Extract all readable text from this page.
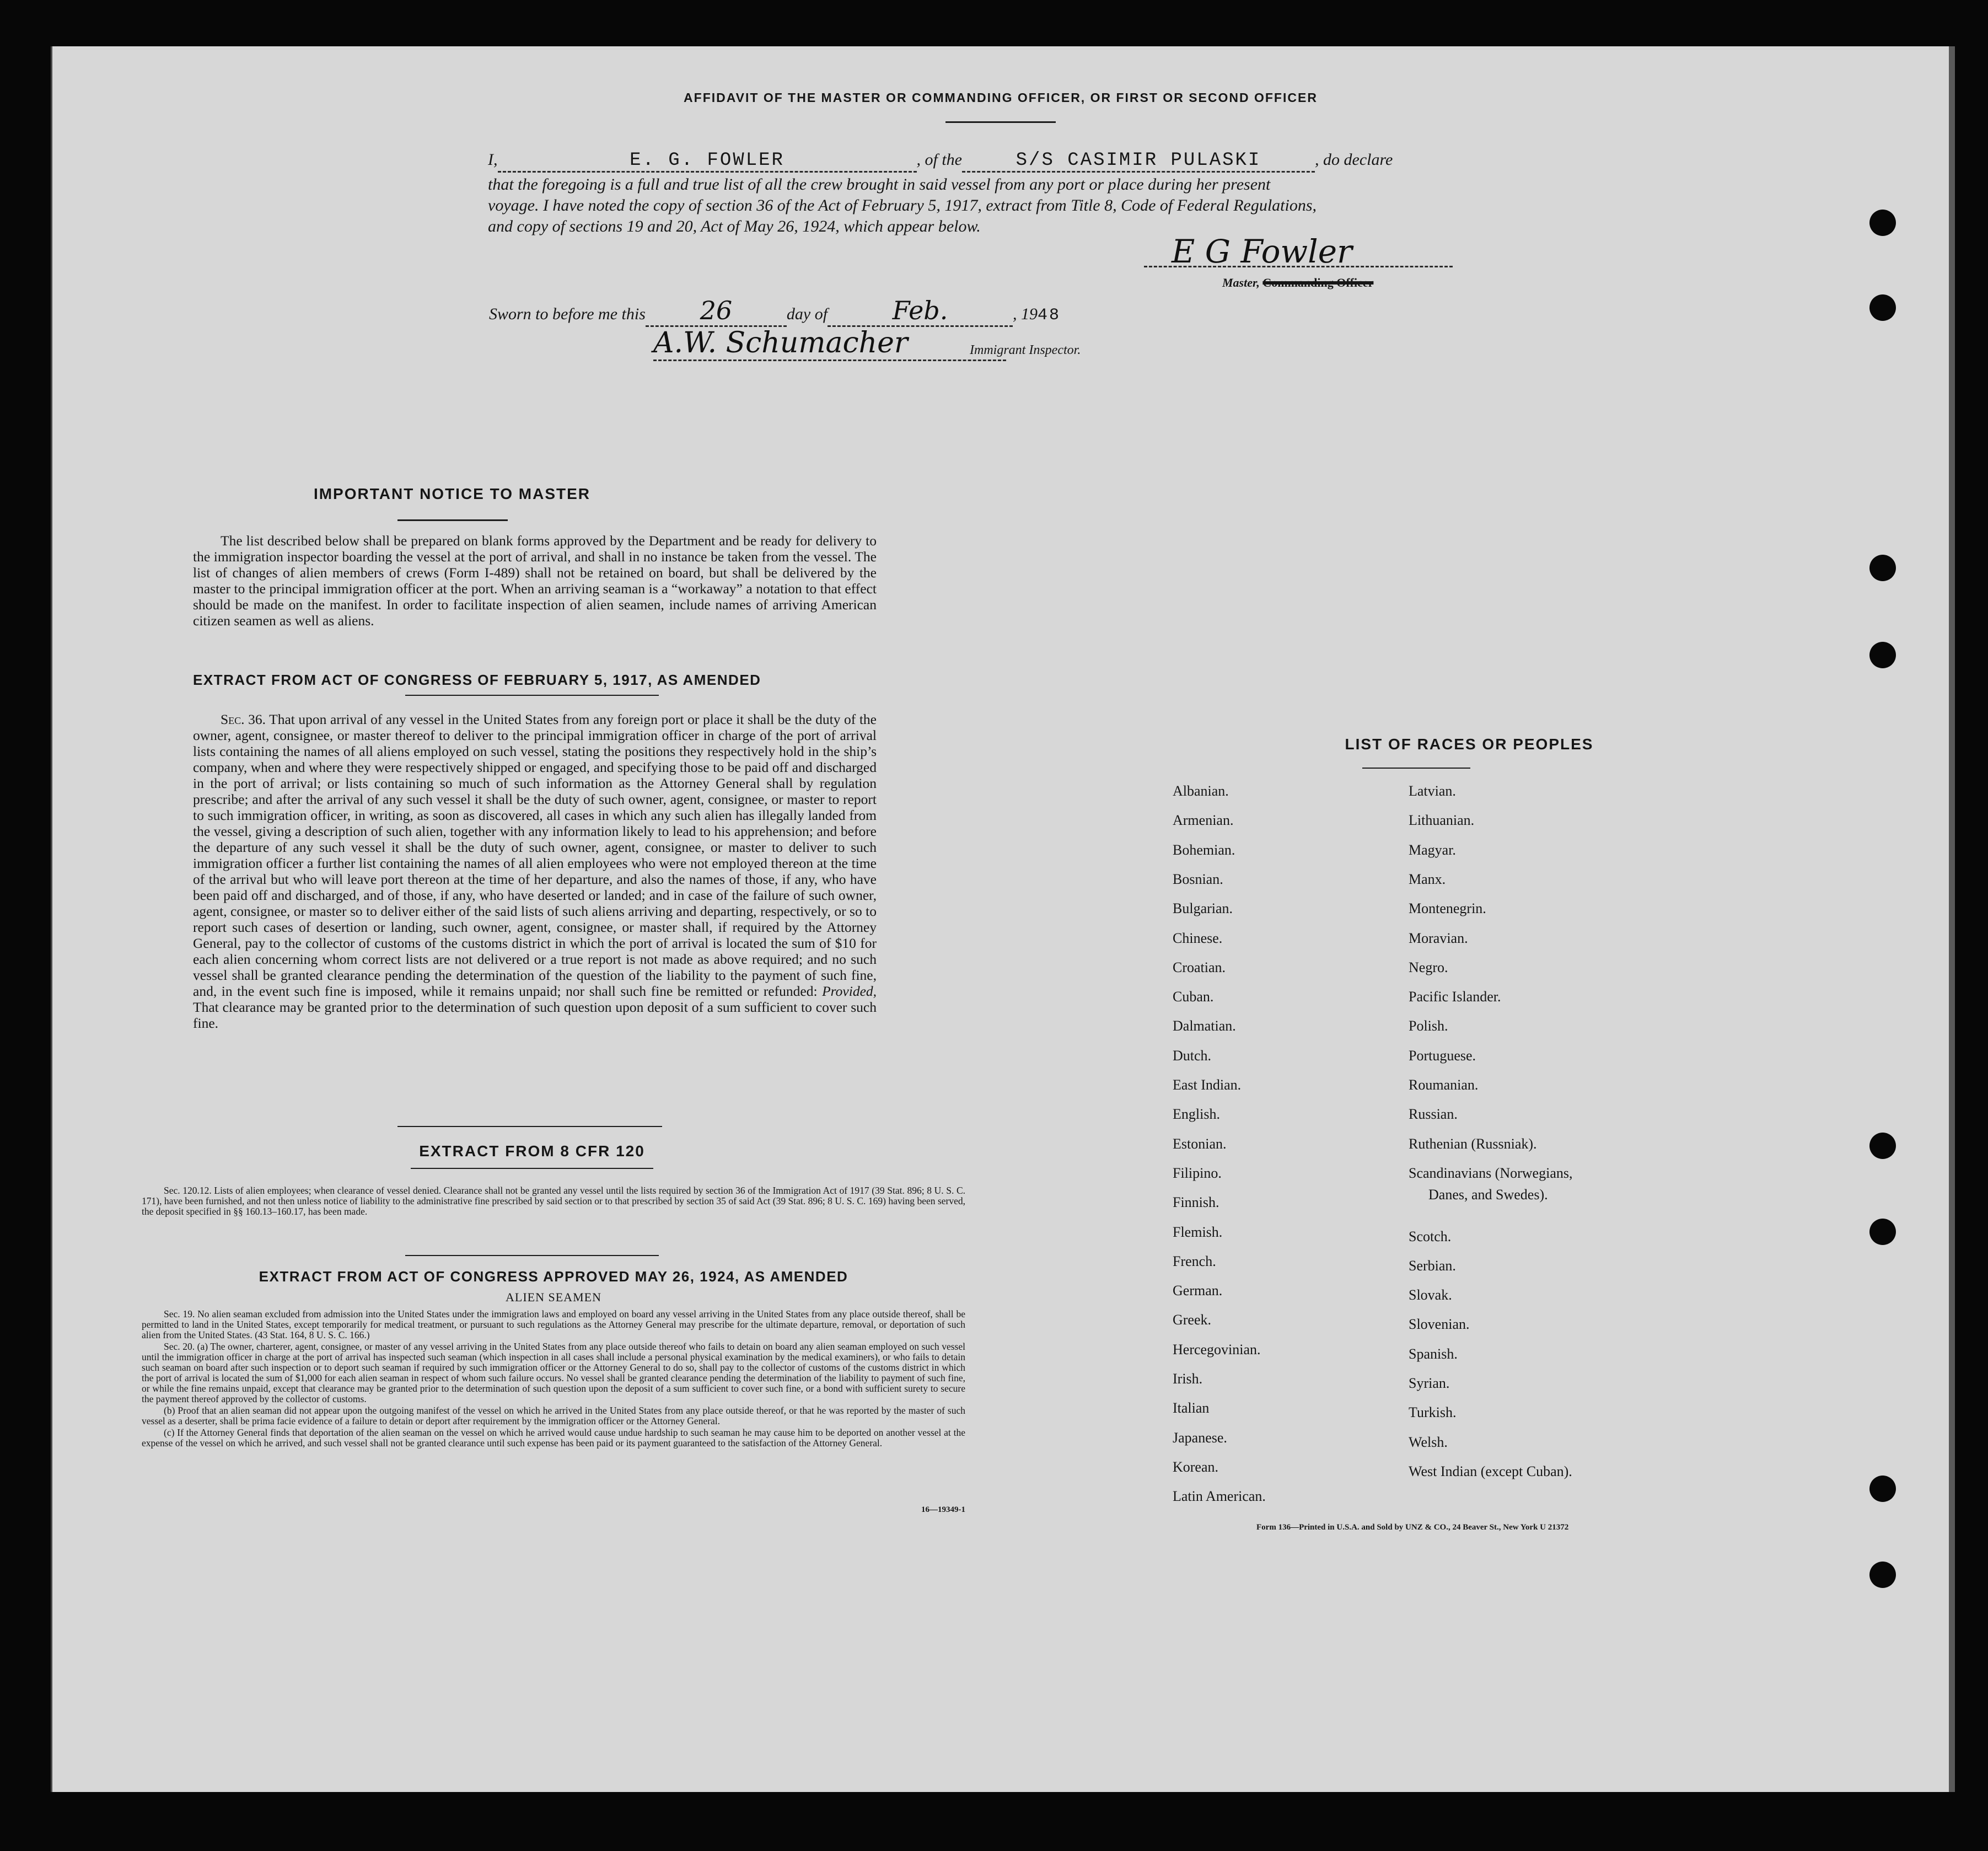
AFFIDAVIT OF THE MASTER OR COMMANDING OFFICER, OR FIRST OR SECOND OFFICER
I,	E. G. FOWLER	, of the	S/S CASIMIR PULASKI	, do declare
that the foregoing is a full and true list of all the crew brought in said vessel from any port or place during her present
voyage. I have noted the copy of section 36 of the Act of February 5, 1917, extract from Title 8, Code of Federal Regulations,
and copy of sections 19 and 20, Act of May 26, 1924, which appear below.
E G Fowler
Master, Commanding Officer
Sworn to before me this 26	day of	Feb.	, 1948
A.W. Schumacher	Immigrant Inspector.
IMPORTANT NOTICE TO MASTER

The list described below shall be prepared on blank forms approved by the Department and be ready for delivery to the immigration inspector boarding the vessel at the port of arrival, and shall in no instance be taken from the vessel. The list of changes of alien members of crews (Form I-489) shall not be retained on board, but shall be delivered by the master to the principal immigration officer at the port. When an arriving seaman is a “workaway” a notation to that effect should be made on the manifest. In order to facilitate inspection of alien seamen, include names of arriving American citizen seamen as well as aliens.

EXTRACT FROM ACT OF CONGRESS OF FEBRUARY 5, 1917, AS AMENDED

Sec. 36. That upon arrival of any vessel in the United States from any foreign port or place it shall be the duty of the owner, agent, consignee, or master thereof to deliver to the principal immigration officer in charge of the port of arrival lists containing the names of all aliens employed on such vessel, stating the positions they respectively hold in the ship’s company, when and where they were respectively shipped or engaged, and specifying those to be paid off and discharged in the port of arrival; or lists containing so much of such information as the Attorney General shall by regulation prescribe; and after the arrival of any such vessel it shall be the duty of such owner, agent, consignee, or master to report to such immigration officer, in writing, as soon as discovered, all cases in which any such alien has illegally landed from the vessel, giving a description of such alien, together with any information likely to lead to his apprehension; and before the departure of any such vessel it shall be the duty of such owner, agent, consignee, or master to deliver to such immigration officer a further list containing the names of all alien employees who were not employed thereon at the time of the arrival but who will leave port thereon at the time of her departure, and also the names of those, if any, who have been paid off and discharged, and of those, if any, who have deserted or landed; and in case of the failure of such owner, agent, consignee, or master so to deliver either of the said lists of such aliens arriving and departing, respectively, or so to report such cases of desertion or landing, such owner, agent, consignee, or master shall, if required by the Attorney General, pay to the collector of customs of the customs district in which the port of arrival is located the sum of $10 for each alien concerning whom correct lists are not delivered or a true report is not made as above required; and no such vessel shall be granted clearance pending the determination of the question of the liability to the payment of such fine, and, in the event such fine is imposed, while it remains unpaid; nor shall such fine be remitted or refunded: Provided, That clearance may be granted prior to the determination of such question upon deposit of a sum sufficient to cover such fine.

EXTRACT FROM 8 CFR 120

Sec. 120.12. Lists of alien employees; when clearance of vessel denied. Clearance shall not be granted any vessel until the lists required by section 36 of the Immigration Act of 1917 (39 Stat. 896; 8 U. S. C. 171), have been furnished, and not then unless notice of liability to the administrative fine prescribed by said section or to that prescribed by section 35 of said Act (39 Stat. 896; 8 U. S. C. 169) having been served, the deposit specified in §§ 160.13–160.17, has been made.

EXTRACT FROM ACT OF CONGRESS APPROVED MAY 26, 1924, AS AMENDED
ALIEN SEAMEN

Sec. 19. No alien seaman excluded from admission into the United States under the immigration laws and employed on board any vessel arriving in the United States from any place outside thereof, shall be permitted to land in the United States, except temporarily for medical treatment, or pursuant to such regulations as the Attorney General may prescribe for the ultimate departure, removal, or deportation of such alien from the United States. (43 Stat. 164, 8 U. S. C. 166.)

Sec. 20. (a) The owner, charterer, agent, consignee, or master of any vessel arriving in the United States from any place outside thereof who fails to detain on board any alien seaman employed on such vessel until the immigration officer in charge at the port of arrival has inspected such seaman (which inspection in all cases shall include a personal physical examination by the medical examiners), or who fails to detain such seaman on board after such inspection or to deport such seaman if required by such immigration officer or the Attorney General to do so, shall pay to the collector of customs of the customs district in which the port of arrival is located the sum of $1,000 for each alien seaman in respect of whom such failure occurs. No vessel shall be granted clearance pending the determination of the liability to payment of such fine, or while the fine remains unpaid, except that clearance may be granted prior to the determination of such question upon the deposit of a sum sufficient to cover such fine, or a bond with sufficient surety to secure the payment thereof approved by the collector of customs.

(b) Proof that an alien seaman did not appear upon the outgoing manifest of the vessel on which he arrived in the United States from any place outside thereof, or that he was reported by the master of such vessel as a deserter, shall be prima facie evidence of a failure to detain or deport after requirement by the immigration officer or the Attorney General.

(c) If the Attorney General finds that deportation of the alien seaman on the vessel on which he arrived would cause undue hardship to such seaman he may cause him to be deported on another vessel at the expense of the vessel on which he arrived, and such vessel shall not be granted clearance until such expense has been paid or its payment guaranteed to the satisfaction of the Attorney General.

16—19349-1
LIST OF RACES OR PEOPLES
Form 136—Printed in U.S.A. and Sold by UNZ & CO., 24 Beaver St., New York U 21372
Albanian.
Armenian.
Bohemian.
Bosnian.
Bulgarian.
Chinese.
Croatian.
Cuban.
Dalmatian.
Dutch.
East Indian.
English.
Estonian.
Filipino.
Finnish.
Flemish.
French.
German.
Greek.
Hercegovinian.
Irish.
Italian
Japanese.
Korean.
Latin American.
Latvian.
Lithuanian.
Magyar.
Manx.
Montenegrin.
Moravian.
Negro.
Pacific Islander.
Polish.
Portuguese.
Roumanian.
Russian.
Ruthenian (Russniak).
Scandinavians (Norwegians,
Danes, and Swedes).
Scotch.
Serbian.
Slovak.
Slovenian.
Spanish.
Syrian.
Turkish.
Welsh.
West Indian (except Cuban).
